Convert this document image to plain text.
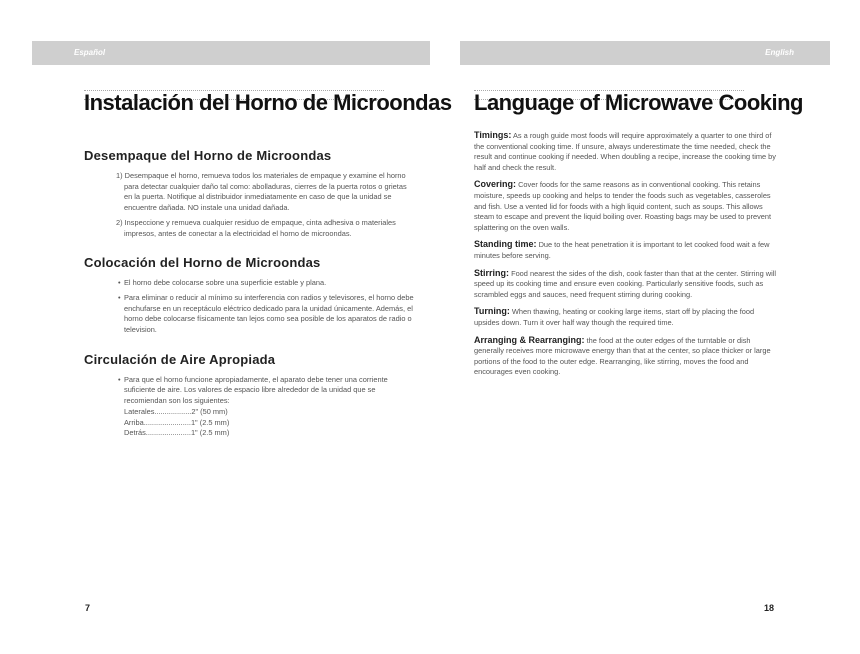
Español	English
Instalación del Horno de Microondas Language of Microwave Cooking
Desempaque del Horno de Microondas
1) Desempaque el horno, remueva todos los materiales de empaque y examine el horno para detectar cualquier daño tal como: abolladuras, cierres de la puerta rotos o grietas en la puerta. Notifique al distribuidor inmediatamente en caso de que la unidad se encuentre dañada. NO instale una unidad dañada.
2) Inspeccione y remueva cualquier residuo de empaque, cinta adhesiva o materiales impresos, antes de conectar a la electricidad el horno de microondas.
Colocación del Horno de Microondas
• El horno debe colocarse sobre una superficie estable y plana.
• Para eliminar o reducir al mínimo su interferencia con radios y televisores, el horno debe enchufarse en un receptáculo eléctrico dedicado para la unidad únicamente. Además, el horno debe colocarse físicamente tan lejos como sea posible de los aparatos de radio o television.
Circulación de Aire Apropiada
• Para que el horno funcione apropiadamente, el aparato debe tener una corriente suficiente de aire. Los valores de espacio libre alrededor de la unidad que se recomiendan son los siguientes:
Laterales..................2" (50 mm)
Arriba.......................1" (2.5 mm)
Detrás......................1" (2.5 mm)

Timings: As a rough guide most foods will require approximately a quarter to one third of the conventional cooking time. If unsure, always underestimate the time needed, check the result and continue cooking if needed. When doubling a recipe, increase the cooking time by half and check the result.

Covering: Cover foods for the same reasons as in conventional cooking. This retains moisture, speeds up cooking and helps to tender the foods such as vegetables, casseroles and fish. Use a vented lid for foods with a high liquid content, such as soups. This allows steam to escape and prevent the liquid boiling over. Roasting bags may be used to prevent splattering on the oven walls.

Standing time: Due to the heat penetration it is important to let cooked food wait a few minutes before serving.

Stirring: Food nearest the sides of the dish, cook faster than that at the center. Stirring will speed up its cooking time and ensure even cooking. Particularly sensitive foods, such as scrambled eggs and sauces, need frequent stirring during cooking.

Turning: When thawing, heating or cooking large items, start off by placing the food upsides down. Turn it over half way though the required time.

Arranging & Rearranging: the food at the outer edges of the turntable or dish generally receives more microwave energy than that at the center, so place thicker or large portions of the food to the outer edge. Rearranging, like stirring, moves the food and encourages even cooking.

7	18
